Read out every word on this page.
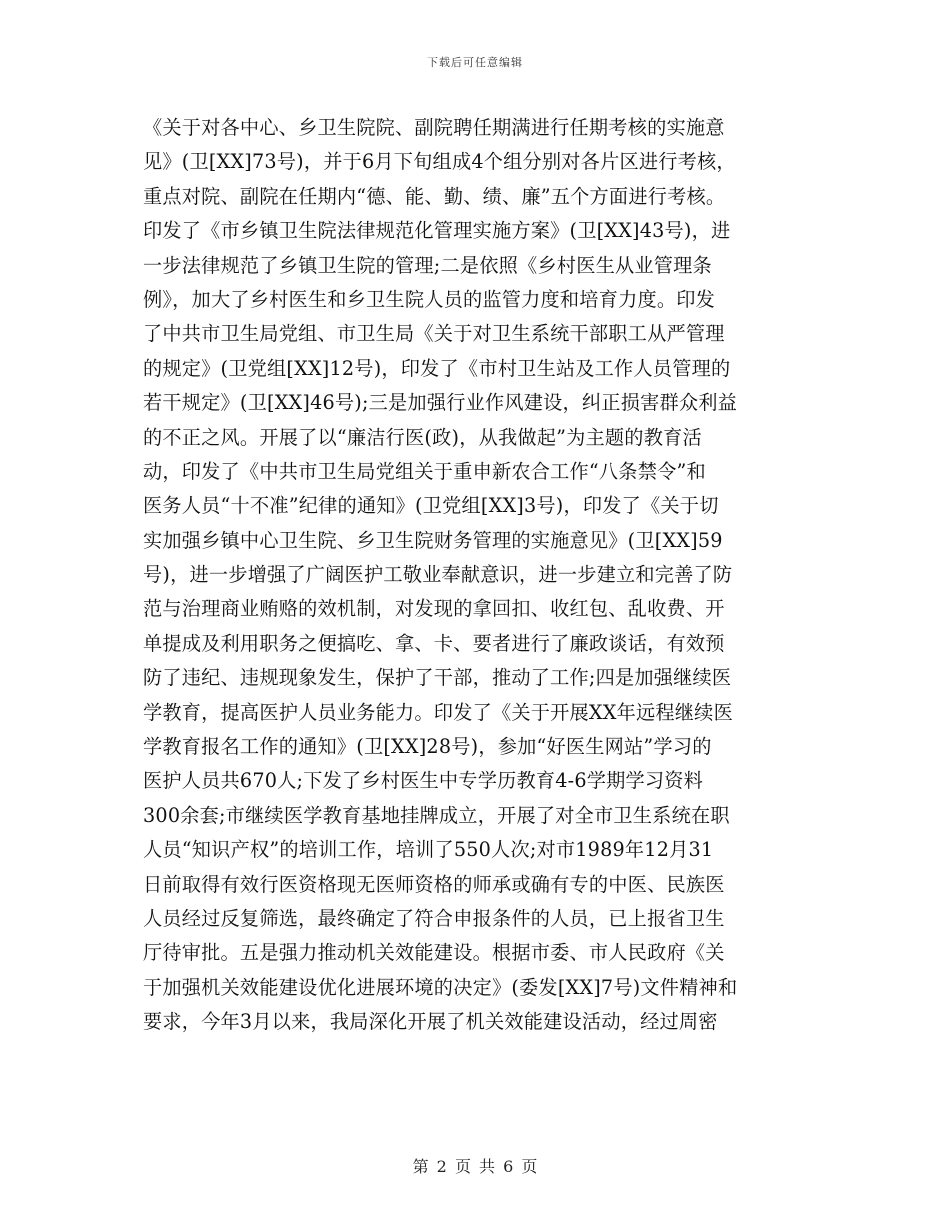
下载后可任意编辑
《关于对各中心、乡卫生院院、副院聘任期满进行任期考核的实施意
见》(卫[XX]73号)，并于6月下旬组成4个组分别对各片区进行考核，
重点对院、副院在任期内“德、能、勤、绩、廉”五个方面进行考核。
印发了《市乡镇卫生院法律规范化管理实施方案》(卫[XX]43号)，进
一步法律规范了乡镇卫生院的管理;二是依照《乡村医生从业管理条
例》，加大了乡村医生和乡卫生院人员的监管力度和培育力度。印发
了中共市卫生局党组、市卫生局《关于对卫生系统干部职工从严管理
的规定》(卫党组[XX]12号)，印发了《市村卫生站及工作人员管理的
若干规定》(卫[XX]46号);三是加强行业作风建设，纠正损害群众利益
的不正之风。开展了以“廉洁行医(政)，从我做起”为主题的教育活
动，印发了《中共市卫生局党组关于重申新农合工作“八条禁令”和
医务人员“十不准”纪律的通知》(卫党组[XX]3号)，印发了《关于切
实加强乡镇中心卫生院、乡卫生院财务管理的实施意见》(卫[XX]59
号)，进一步增强了广阔医护工敬业奉献意识，进一步建立和完善了防
范与治理商业贿赂的效机制，对发现的拿回扣、收红包、乱收费、开
单提成及利用职务之便搞吃、拿、卡、要者进行了廉政谈话，有效预
防了违纪、违规现象发生，保护了干部，推动了工作;四是加强继续医
学教育，提高医护人员业务能力。印发了《关于开展XX年远程继续医
学教育报名工作的通知》(卫[XX]28号)，参加“好医生网站”学习的
医护人员共670人;下发了乡村医生中专学历教育4-6学期学习资料
300余套;市继续医学教育基地挂牌成立，开展了对全市卫生系统在职
人员“知识产权”的培训工作，培训了550人次;对市1989年12月31
日前取得有效行医资格现无医师资格的师承或确有专的中医、民族医
人员经过反复筛选，最终确定了符合申报条件的人员，已上报省卫生
厅待审批。五是强力推动机关效能建设。根据市委、市人民政府《关
于加强机关效能建设优化进展环境的决定》(委发[XX]7号)文件精神和
要求，今年3月以来，我局深化开展了机关效能建设活动，经过周密
第 2 页 共 6 页
